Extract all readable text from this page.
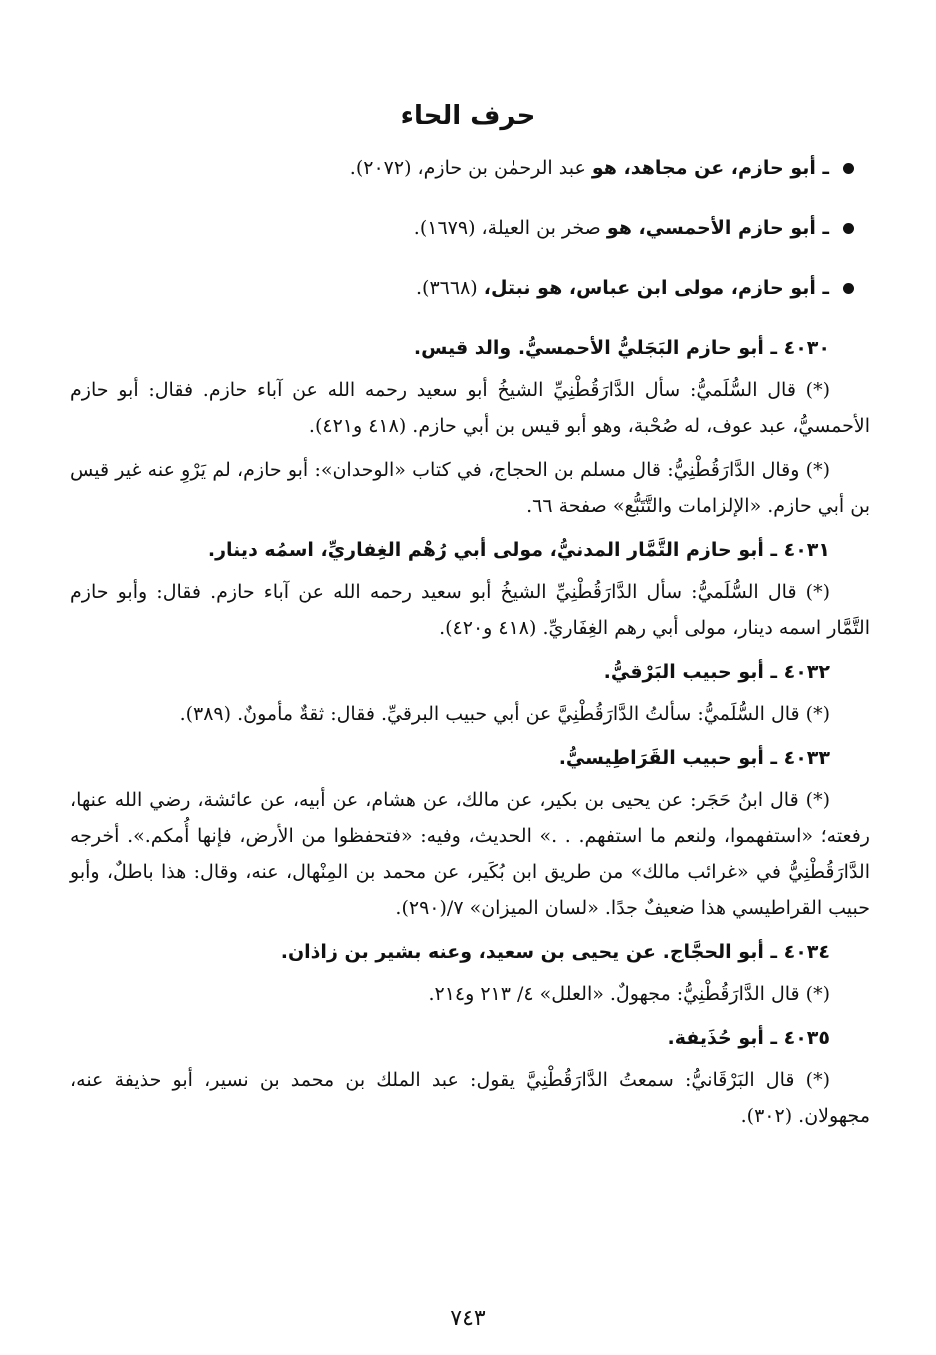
حرف الحاء
ـ أبو حازم، عن مجاهد، هو عبد الرحمٰن بن حازم، (٢٠٧٢).
ـ أبو حازم الأحمسي، هو صخر بن العيلة، (١٦٧٩).
ـ أبو حازم، مولى ابن عباس، هو نبتل، (٣٦٦٨).
٤٠٣٠ ـ أبو حازم البَجَليُّ الأحمسيُّ. والد قيس.

(*) قال السُّلَميُّ: سأل الدَّارَقُطْنِيِّ الشيخُ أبو سعيد رحمه الله عن آباء حازم. فقال: أبو حازم الأحمسيُّ، عبد عوف، له صُحْبة، وهو أبو قيس بن أبي حازم. (٤١٨ و٤٢١).

(*) وقال الدَّارَقُطْنِيُّ: قال مسلم بن الحجاج، في كتاب «الوحدان»: أبو حازم، لم يَرْوِ عنه غير قيس بن أبي حازم. «الإلزامات والتَّتَبُّع» صفحة ٦٦.

٤٠٣١ ـ أبو حازم التَّمَّار المدنيُّ، مولى أبي رُهْم الغِفاريِّ، اسمُه دينار.

(*) قال السُّلَميُّ: سأل الدَّارَقُطْنِيِّ الشيخُ أبو سعيد رحمه الله عن آباء حازم. فقال: وأبو حازم التَّمَّار اسمه دينار، مولى أبي رهم الغِفَاريِّ. (٤١٨ و٤٢٠).

٤٠٣٢ ـ أبو حبيب البَرْقيُّ.

(*) قال السُّلَميُّ: سألتُ الدَّارَقُطْنِيَّ عن أبي حبيب البرقيِّ. فقال: ثقةٌ مأمونٌ. (٣٨٩).

٤٠٣٣ ـ أبو حبيب القَرَاطِيسيُّ.

(*) قال ابنُ حَجَر: عن يحيى بن بكير، عن مالك، عن هشام، عن أبيه، عن عائشة، رضي الله عنها، رفعته؛ «استفهموا، ولنعم ما استفهم. . .» الحديث، وفيه: «فتحفظوا من الأرض، فإنها أُمكم.». أخرجه الدَّارَقُطْنِيُّ في «غرائب مالك» من طريق ابن بُكَير، عن محمد بن المِنْهال، عنه، وقال: هذا باطلٌ، وأبو حبيب القراطيسي هذا ضعيفٌ جدًا. «لسان الميزان» ٧/(٢٩٠).

٤٠٣٤ ـ أبو الحجَّاج. عن يحيى بن سعيد، وعنه بشير بن زاذان.

(*) قال الدَّارَقُطْنِيُّ: مجهولٌ. «العلل» ٤/ ٢١٣ و٢١٤.

٤٠٣٥ ـ أبو حُذَيفة.

(*) قال البَرْقَانيُّ: سمعتُ الدَّارَقُطْنِيَّ يقول: عبد الملك بن محمد بن نسير، أبو حذيفة عنه، مجهولان. (٣٠٢).

٧٤٣
